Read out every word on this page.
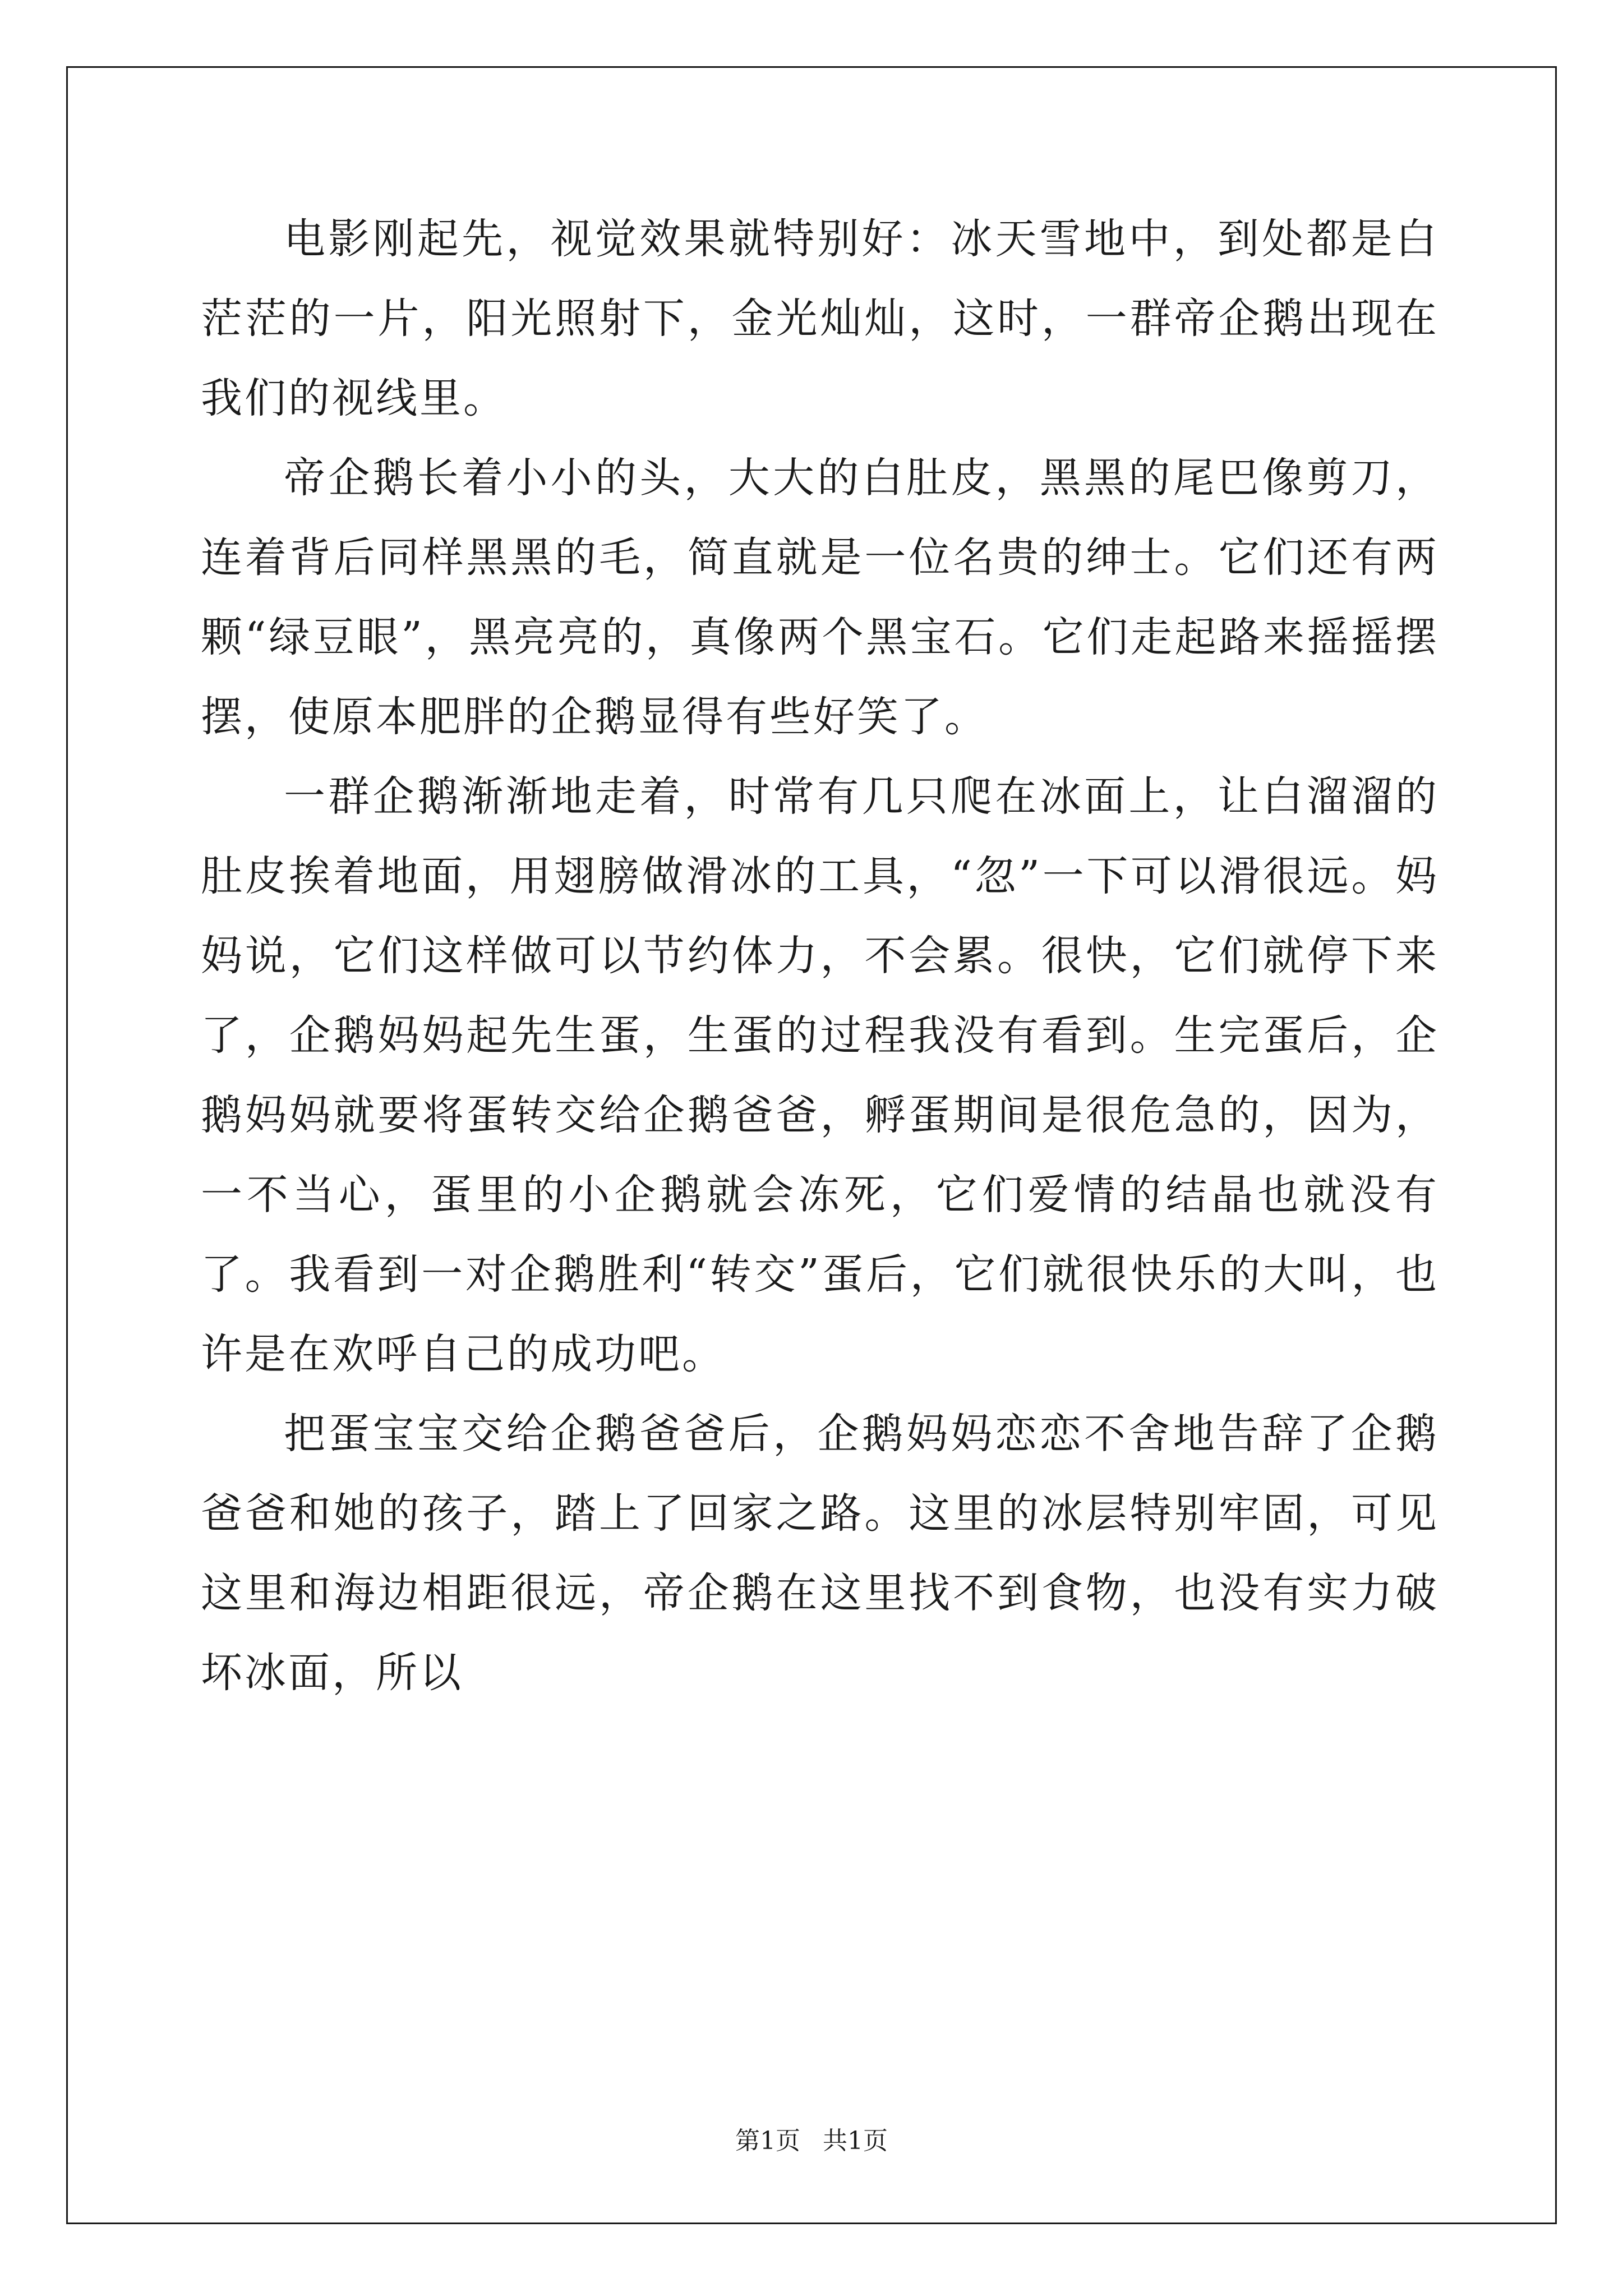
电影刚起先，视觉效果就特别好：冰天雪地中，到处都是白茫茫的一片，阳光照射下，金光灿灿，这时，一群帝企鹅出现在我们的视线里。

帝企鹅长着小小的头，大大的白肚皮，黑黑的尾巴像剪刀，连着背后同样黑黑的毛，简直就是一位名贵的绅士。它们还有两颗“绿豆眼”，黑亮亮的，真像两个黑宝石。它们走起路来摇摇摆摆，使原本肥胖的企鹅显得有些好笑了。

一群企鹅渐渐地走着，时常有几只爬在冰面上，让白溜溜的肚皮挨着地面，用翅膀做滑冰的工具，“忽”一下可以滑很远。妈妈说，它们这样做可以节约体力，不会累。很快，它们就停下来了，企鹅妈妈起先生蛋，生蛋的过程我没有看到。生完蛋后，企鹅妈妈就要将蛋转交给企鹅爸爸，孵蛋期间是很危急的，因为，一不当心，蛋里的小企鹅就会冻死，它们爱情的结晶也就没有了。我看到一对企鹅胜利“转交”蛋后，它们就很快乐的大叫，也许是在欢呼自己的成功吧。

把蛋宝宝交给企鹅爸爸后，企鹅妈妈恋恋不舍地告辞了企鹅爸爸和她的孩子，踏上了回家之路。这里的冰层特别牢固，可见这里和海边相距很远，帝企鹅在这里找不到食物，也没有实力破坏冰面，所以

第1页 共1页
